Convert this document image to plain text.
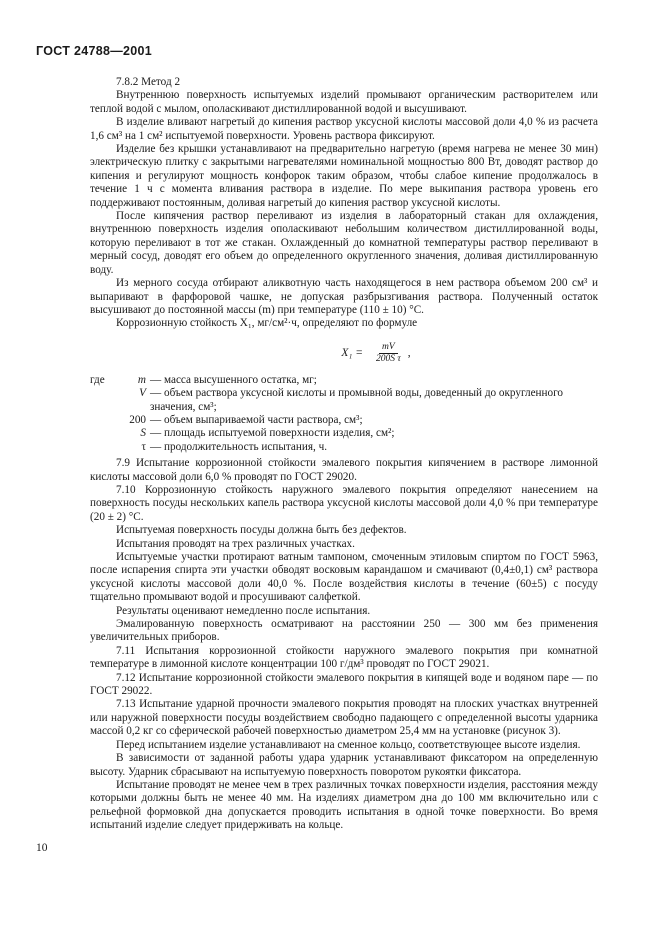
ГОСТ 24788—2001

7.8.2 Метод 2

Внутреннюю поверхность испытуемых изделий промывают органическим растворителем или теплой водой с мылом, ополаскивают дистиллированной водой и высушивают.

В изделие вливают нагретый до кипения раствор уксусной кислоты массовой доли 4,0 % из расчета 1,6 см³ на 1 см² испытуемой поверхности. Уровень раствора фиксируют.

Изделие без крышки устанавливают на предварительно нагретую (время нагрева не менее 30 мин) электрическую плитку с закрытыми нагревателями номинальной мощностью 800 Вт, доводят раствор до кипения и регулируют мощность конфорок таким образом, чтобы слабое кипение продолжалось в течение 1 ч с момента вливания раствора в изделие. По мере выкипания раствора уровень его поддерживают постоянным, доливая нагретый до кипения раствор уксусной кислоты.

После кипячения раствор переливают из изделия в лабораторный стакан для охлаждения, внутреннюю поверхность изделия ополаскивают небольшим количеством дистиллированной воды, которую переливают в тот же стакан. Охлажденный до комнатной температуры раствор переливают в мерный сосуд, доводят его объем до определенного округленного значения, доливая дистиллированную воду.

Из мерного сосуда отбирают аликвотную часть находящегося в нем раствора объемом 200 см³ и выпаривают в фарфоровой чашке, не допуская разбрызгивания раствора. Полученный остаток высушивают до постоянной массы (m) при температуре (110 ± 10) °С.

Коррозионную стойкость X₁, мг/см²·ч, определяют по формуле

$X_1 = \frac{mV}{\text{200S τ}}$ ,
где	m — масса высушенного остатка, мг;
V — объем раствора уксусной кислоты и промывной воды, доведенный до округленного значения, см³;
200 — объем выпариваемой части раствора, см³;
S — площадь испытуемой поверхности изделия, см²;
τ — продолжительность испытания, ч.

7.9 Испытание коррозионной стойкости эмалевого покрытия кипячением в растворе лимонной кислоты массовой доли 6,0 % проводят по ГОСТ 29020.

7.10 Коррозионную стойкость наружного эмалевого покрытия определяют нанесением на поверхность посуды нескольких капель раствора уксусной кислоты массовой доли 4,0 % при температуре (20 ± 2) °С.

Испытуемая поверхность посуды должна быть без дефектов.

Испытания проводят на трех различных участках.

Испытуемые участки протирают ватным тампоном, смоченным этиловым спиртом по ГОСТ 5963, после испарения спирта эти участки обводят восковым карандашом и смачивают (0,4±0,1) см³ раствора уксусной кислоты массовой доли 40,0 %. После воздействия кислоты в течение (60±5) с посуду тщательно промывают водой и просушивают салфеткой.

Результаты оценивают немедленно после испытания.

Эмалированную поверхность осматривают на расстоянии 250 — 300 мм без применения увеличительных приборов.

7.11 Испытания коррозионной стойкости наружного эмалевого покрытия при комнатной температуре в лимонной кислоте концентрации 100 г/дм³ проводят по ГОСТ 29021.

7.12 Испытание коррозионной стойкости эмалевого покрытия в кипящей воде и водяном паре — по ГОСТ 29022.

7.13 Испытание ударной прочности эмалевого покрытия проводят на плоских участках внутренней или наружной поверхности посуды воздействием свободно падающего с определенной высоты ударника массой 0,2 кг со сферической рабочей поверхностью диаметром 25,4 мм на установке (рисунок 3).

Перед испытанием изделие устанавливают на сменное кольцо, соответствующее высоте изделия.

В зависимости от заданной работы удара ударник устанавливают фиксатором на определенную высоту. Ударник сбрасывают на испытуемую поверхность поворотом рукоятки фиксатора.

Испытание проводят не менее чем в трех различных точках поверхности изделия, расстояния между которыми должны быть не менее 40 мм. На изделиях диаметром дна до 100 мм включительно или с рельефной формовкой дна допускается проводить испытания в одной точке поверхности. Во время испытаний изделие следует придерживать на кольце.

10
